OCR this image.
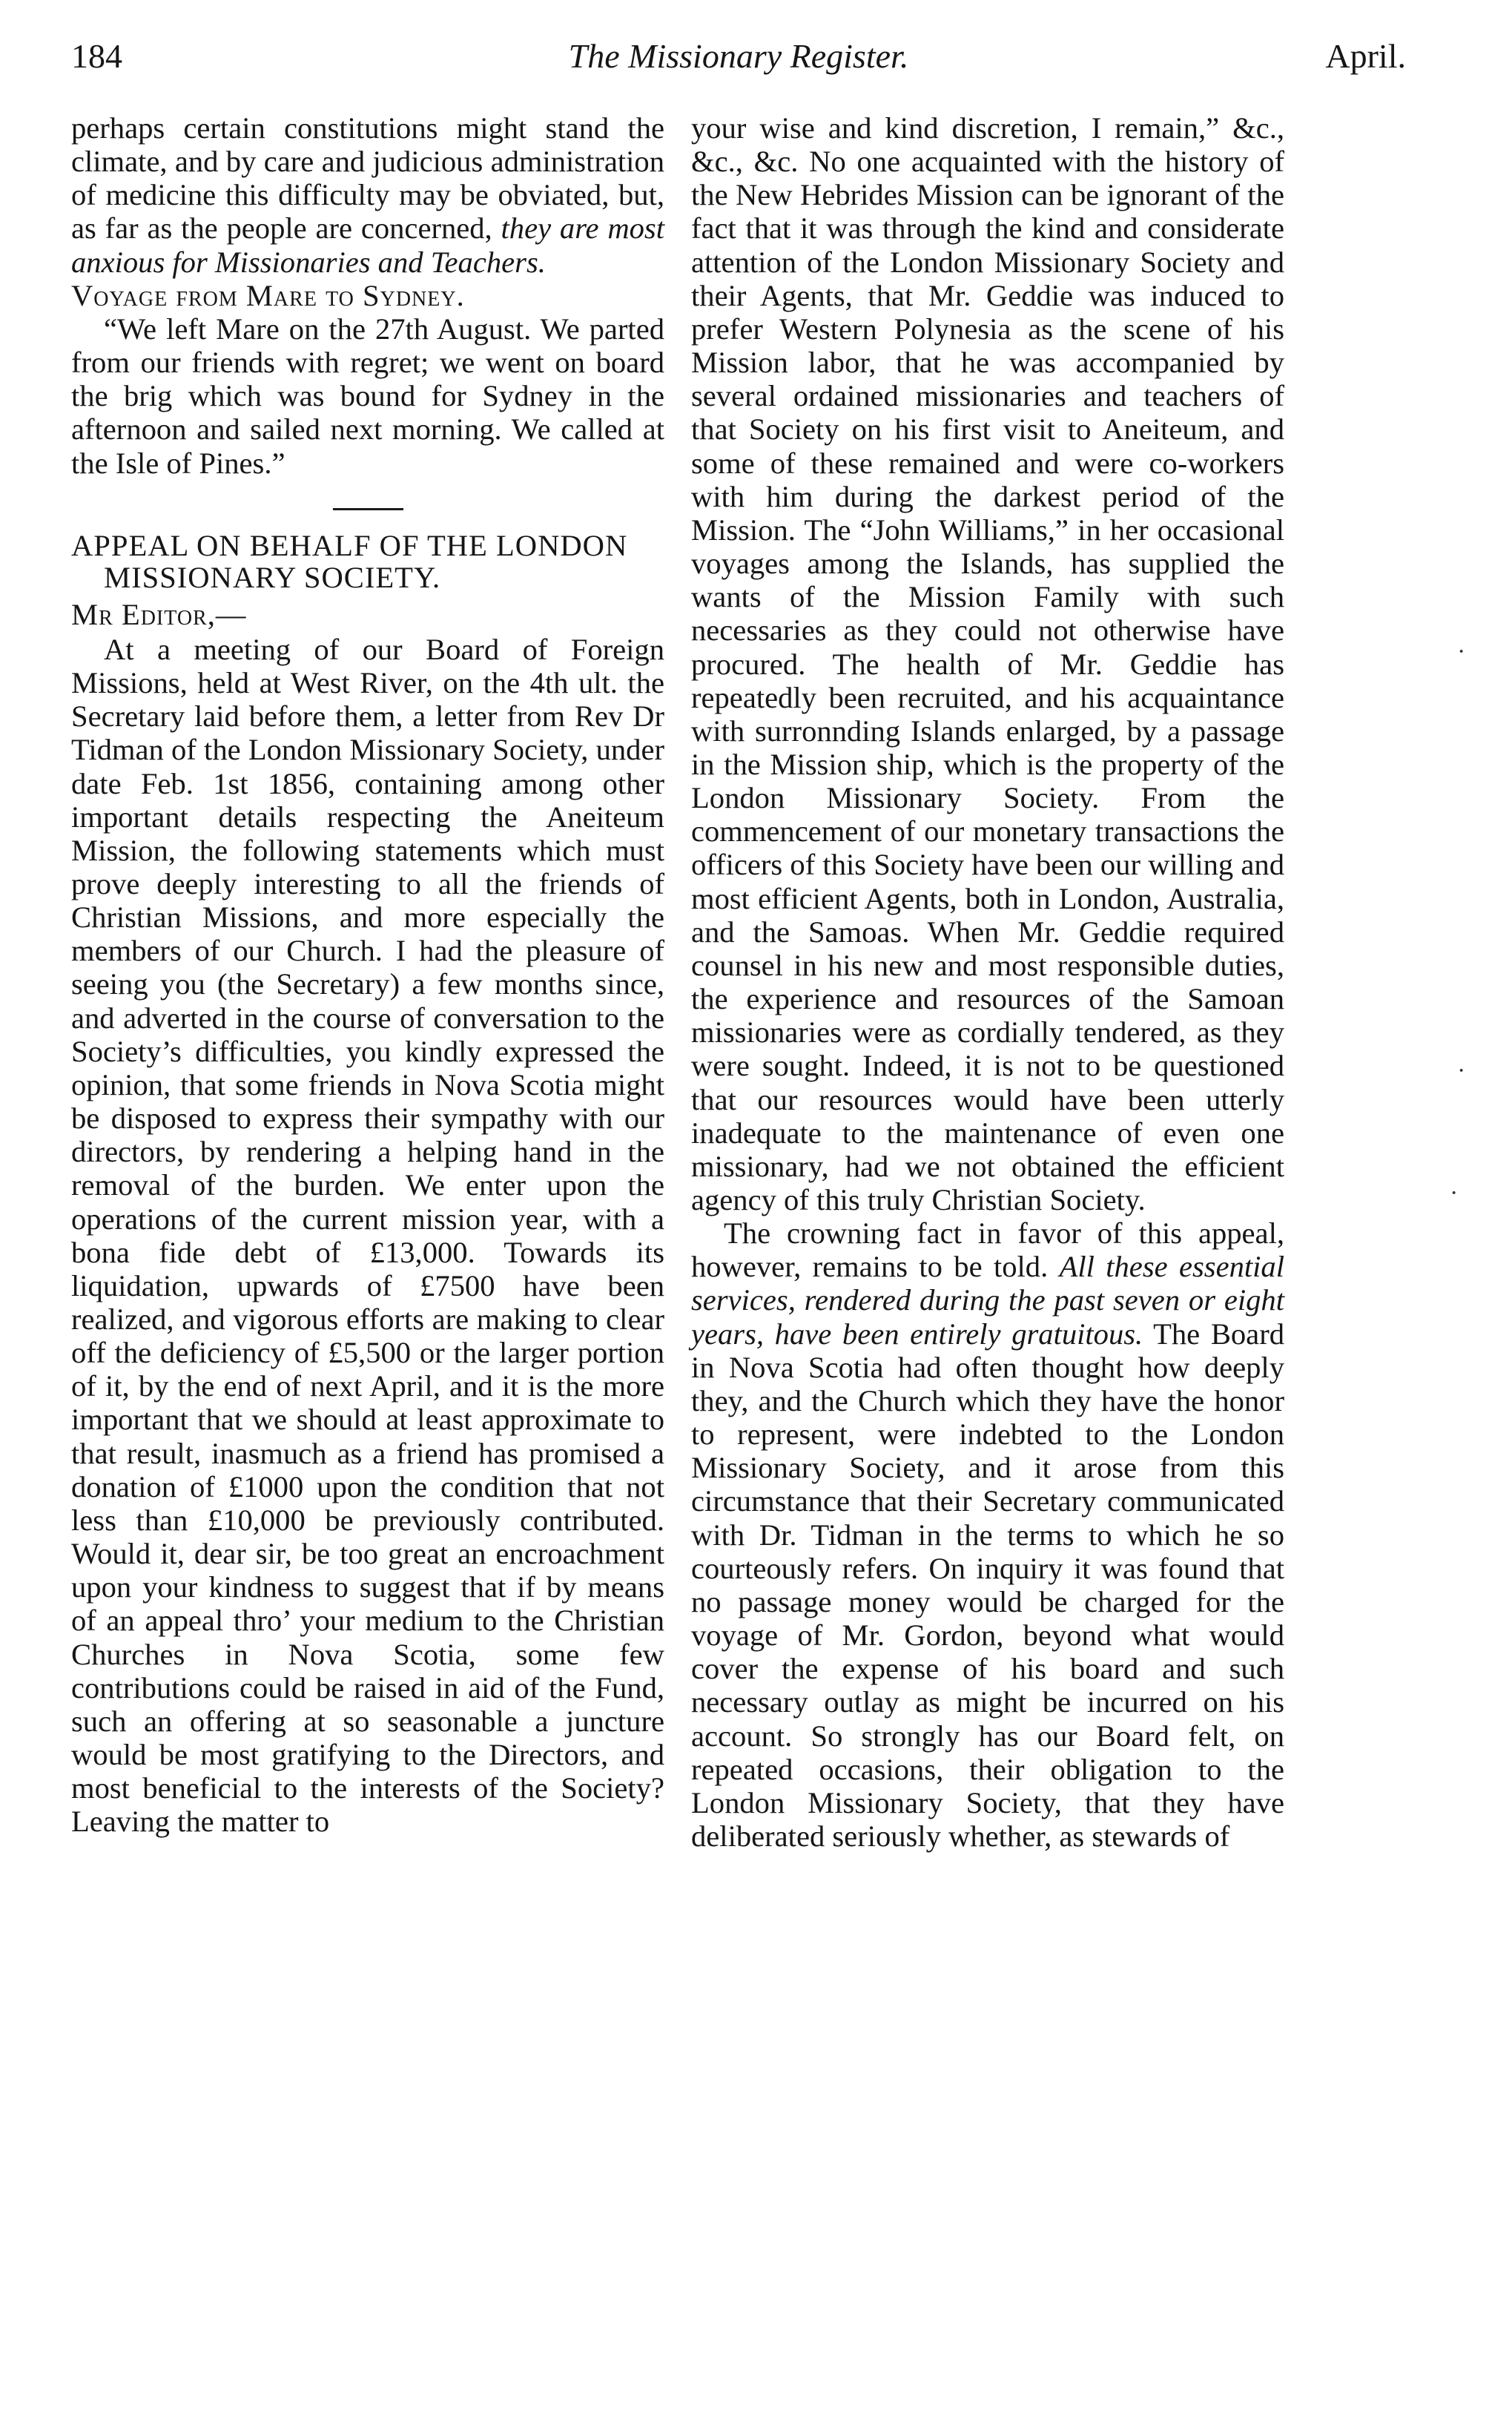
184	The Missionary Register.	April.

perhaps certain constitutions might stand the climate, and by care and judicious administration of medicine this difficulty may be obviated, but, as far as the people are concerned, they are most anxious for Missionaries and Teachers.

Voyage from Mare to Sydney.

“We left Mare on the 27th August. We parted from our friends with regret; we went on board the brig which was bound for Sydney in the afternoon and sailed next morning. We called at the Isle of Pines.”

APPEAL ON BEHALF OF THE LONDON MISSIONARY SOCIETY.

Mr Editor,—

At a meeting of our Board of Foreign Missions, held at West River, on the 4th ult. the Secretary laid before them, a letter from Rev Dr Tidman of the London Missionary Society, under date Feb. 1st 1856, containing among other important details respecting the Aneiteum Mission, the following statements which must prove deeply interesting to all the friends of Christian Missions, and more especially the members of our Church. I had the pleasure of seeing you (the Secretary) a few months since, and adverted in the course of conversation to the Society’s difficulties, you kindly expressed the opinion, that some friends in Nova Scotia might be disposed to express their sympathy with our directors, by rendering a helping hand in the removal of the burden. We enter upon the operations of the current mission year, with a bona fide debt of £13,000. Towards its liquidation, upwards of £7500 have been realized, and vigorous efforts are making to clear off the deficiency of £5,500 or the larger portion of it, by the end of next April, and it is the more important that we should at least approximate to that result, inasmuch as a friend has promised a donation of £1000 upon the condition that not less than £10,000 be previously contributed. Would it, dear sir, be too great an encroachment upon your kindness to suggest that if by means of an appeal thro’ your medium to the Christian Churches in Nova Scotia, some few contributions could be raised in aid of the Fund, such an offering at so seasonable a juncture would be most gratifying to the Directors, and most beneficial to the interests of the Society? Leaving the matter to

your wise and kind discretion, I remain,” &c., &c., &c. No one acquainted with the history of the New Hebrides Mission can be ignorant of the fact that it was through the kind and considerate attention of the London Missionary Society and their Agents, that Mr. Geddie was induced to prefer Western Polynesia as the scene of his Mission labor, that he was accompanied by several ordained missionaries and teachers of that Society on his first visit to Aneiteum, and some of these remained and were co-workers with him during the darkest period of the Mission. The “John Williams,” in her occasional voyages among the Islands, has supplied the wants of the Mission Family with such necessaries as they could not otherwise have procured. The health of Mr. Geddie has repeatedly been recruited, and his acquaintance with surronnding Islands enlarged, by a passage in the Mission ship, which is the property of the London Missionary Society. From the commencement of our monetary transactions the officers of this Society have been our willing and most efficient Agents, both in London, Australia, and the Samoas. When Mr. Geddie required counsel in his new and most responsible duties, the experience and resources of the Samoan missionaries were as cordially tendered, as they were sought. Indeed, it is not to be questioned that our resources would have been utterly inadequate to the maintenance of even one missionary, had we not obtained the efficient agency of this truly Christian Society.

The crowning fact in favor of this appeal, however, remains to be told. All these essential services, rendered during the past seven or eight years, have been entirely gratuitous. The Board in Nova Scotia had often thought how deeply they, and the Church which they have the honor to represent, were indebted to the London Missionary Society, and it arose from this circumstance that their Secretary communicated with Dr. Tidman in the terms to which he so courteously refers. On inquiry it was found that no passage money would be charged for the voyage of Mr. Gordon, beyond what would cover the expense of his board and such necessary outlay as might be incurred on his account. So strongly has our Board felt, on repeated occasions, their obligation to the London Missionary Society, that they have deliberated seriously whether, as stewards of

·
·
·
